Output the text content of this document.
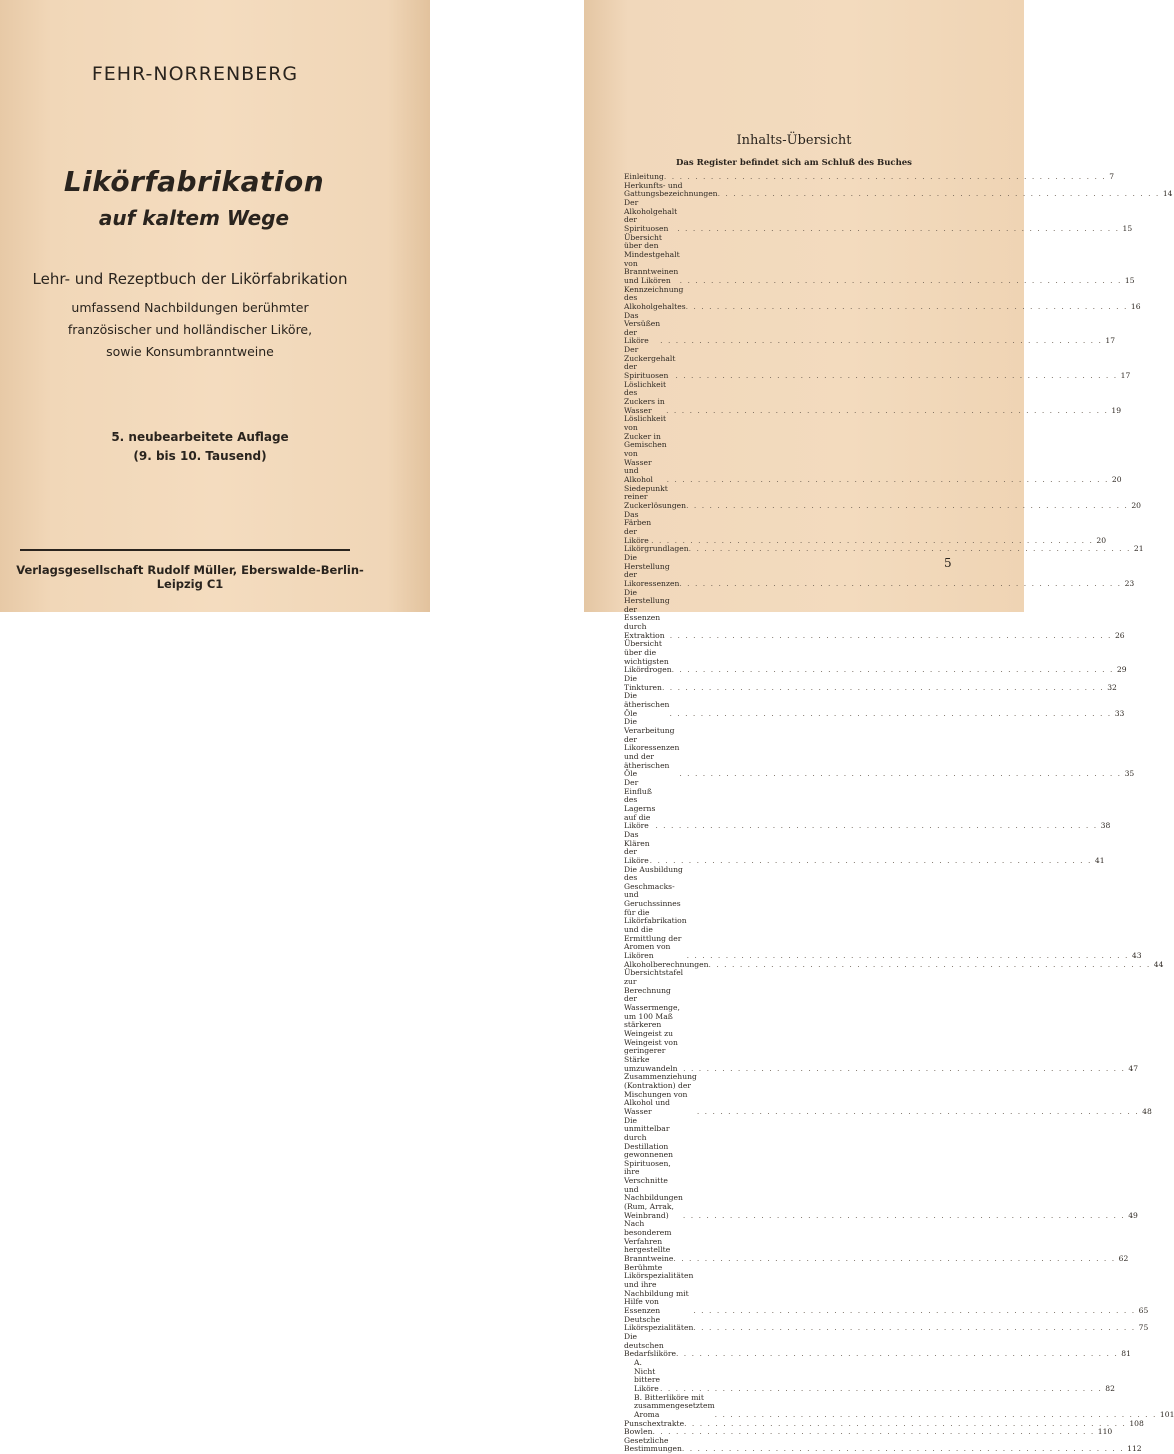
FEHR-NORRENBERG
Likörfabrikation
auf kaltem Wege
Lehr- und Rezeptbuch der Likörfabrikation
umfassend Nachbildungen berühmter
französischer und holländischer Liköre,
sowie Konsumbranntweine
5. neubearbeitete Auflage
(9. bis 10. Tausend)
Verlagsgesellschaft Rudolf Müller, Eberswalde-Berlin-Leipzig C1
Inhalts-Übersicht
Das Register befindet sich am Schluß des Buches
Einleitung . . .	7
Herkunfts- und Gattungsbezeichnungen . . .	14
Der Alkoholgehalt der Spirituosen . . .	15
Übersicht über den Mindestgehalt von Branntweinen und Likören . . .	15
Kennzeichnung des Alkoholgehaltes . . .	16
Das Versüßen der Liköre . . .	17
Der Zuckergehalt der Spirituosen . . .	17
Löslichkeit des Zuckers in Wasser . . .	19
Löslichkeit von Zucker in Gemischen von Wasser und Alkohol . . .	20
Siedepunkt reiner Zuckerlösungen . . .	20
Das Färben der Liköre . . .	20
Likörgrundlagen . . .	21
Die Herstellung der Likoressenzen . . .	23
Die Herstellung der Essenzen durch Extraktion . . .	26
Übersicht über die wichtigsten Likördrogen . . .	29
Die Tinkturen . . .	32
Die ätherischen Öle . . .	33
Die Verarbeitung der Likoressenzen und der ätherischen Öle . . .	35
Der Einfluß des Lagerns auf die Liköre . . .	38
Das Klären der Liköre . . .	41
Die Ausbildung des Geschmacks- und Geruchssinnes für die Likörfabrikation und die Ermittlung der Aromen von Likören . . .	43
Alkoholberechnungen . . .	44
Übersichtstafel zur Berechnung der Wassermenge, um 100 Maß stärkeren Weingeist zu Weingeist von geringerer Stärke umzuwandeln . . .	47
Zusammenziehung (Kontraktion) der Mischungen von Alkohol und Wasser . . .	48
Die unmittelbar durch Destillation gewonnenen Spirituosen, ihre Verschnitte und Nachbildungen (Rum, Arrak, Weinbrand) . . .	49
Nach besonderem Verfahren hergestellte Branntweine . . .	62
Berühmte Likörspezialitäten und ihre Nachbildung mit Hilfe von Essenzen . . .	65
Deutsche Likörspezialitäten . . .	75
Die deutschen Bedarfsliköre . . .	81
A. Nicht bittere Liköre . . .	82
B. Bitterliköre mit zusammengesetztem Aroma . . .	101
Punschextrakte . . .	108
Bowlen . . .	110
Gesetzliche Bestimmungen . . .	112
5
